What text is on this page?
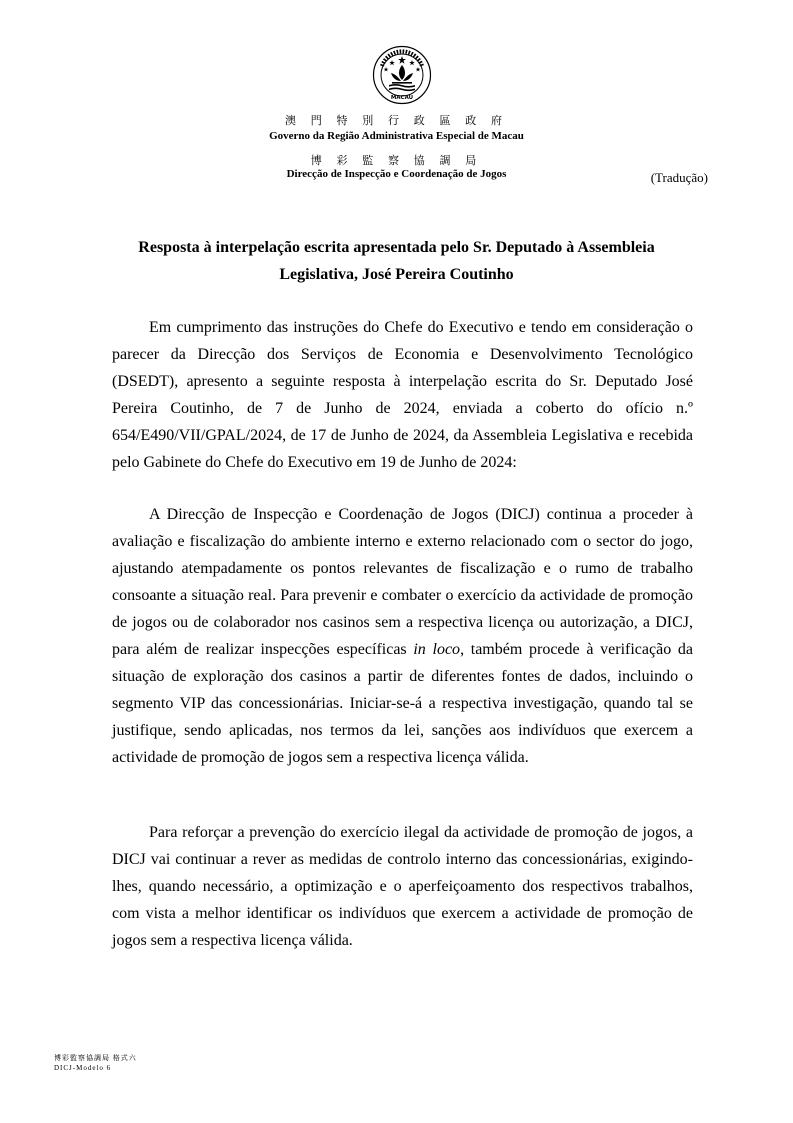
MACAU
澳 門 特 別 行 政 區 政 府
Governo da Região Administrativa Especial de Macau
博 彩 監 察 協 調 局
Direcção de Inspecção e Coordenação de Jogos	(Tradução)
Resposta à interpelação escrita apresentada pelo Sr. Deputado à Assembleia
Legislativa, José Pereira Coutinho

Em cumprimento das instruções do Chefe do Executivo e tendo em consideração o parecer da Direcção dos Serviços de Economia e Desenvolvimento Tecnológico (DSEDT), apresento a seguinte resposta à interpelação escrita do Sr. Deputado José Pereira Coutinho, de 7 de Junho de 2024, enviada a coberto do ofício n.º 654/E490/VII/GPAL/2024, de 17 de Junho de 2024, da Assembleia Legislativa e recebida pelo Gabinete do Chefe do Executivo em 19 de Junho de 2024:

A Direcção de Inspecção e Coordenação de Jogos (DICJ) continua a proceder à avaliação e fiscalização do ambiente interno e externo relacionado com o sector do jogo, ajustando atempadamente os pontos relevantes de fiscalização e o rumo de trabalho consoante a situação real. Para prevenir e combater o exercício da actividade de promoção de jogos ou de colaborador nos casinos sem a respectiva licença ou autorização, a DICJ, para além de realizar inspecções específicas in loco, também procede à verificação da situação de exploração dos casinos a partir de diferentes fontes de dados, incluindo o segmento VIP das concessionárias. Iniciar-se-á a respectiva investigação, quando tal se justifique, sendo aplicadas, nos termos da lei, sanções aos indivíduos que exercem a actividade de promoção de jogos sem a respectiva licença válida.

Para reforçar a prevenção do exercício ilegal da actividade de promoção de jogos, a DICJ vai continuar a rever as medidas de controlo interno das concessionárias, exigindo-lhes, quando necessário, a optimização e o aperfeiçoamento dos respectivos trabalhos, com vista a melhor identificar os indivíduos que exercem a actividade de promoção de jogos sem a respectiva licença válida.

博彩監察協調局 格式六
DICJ-Modelo 6
